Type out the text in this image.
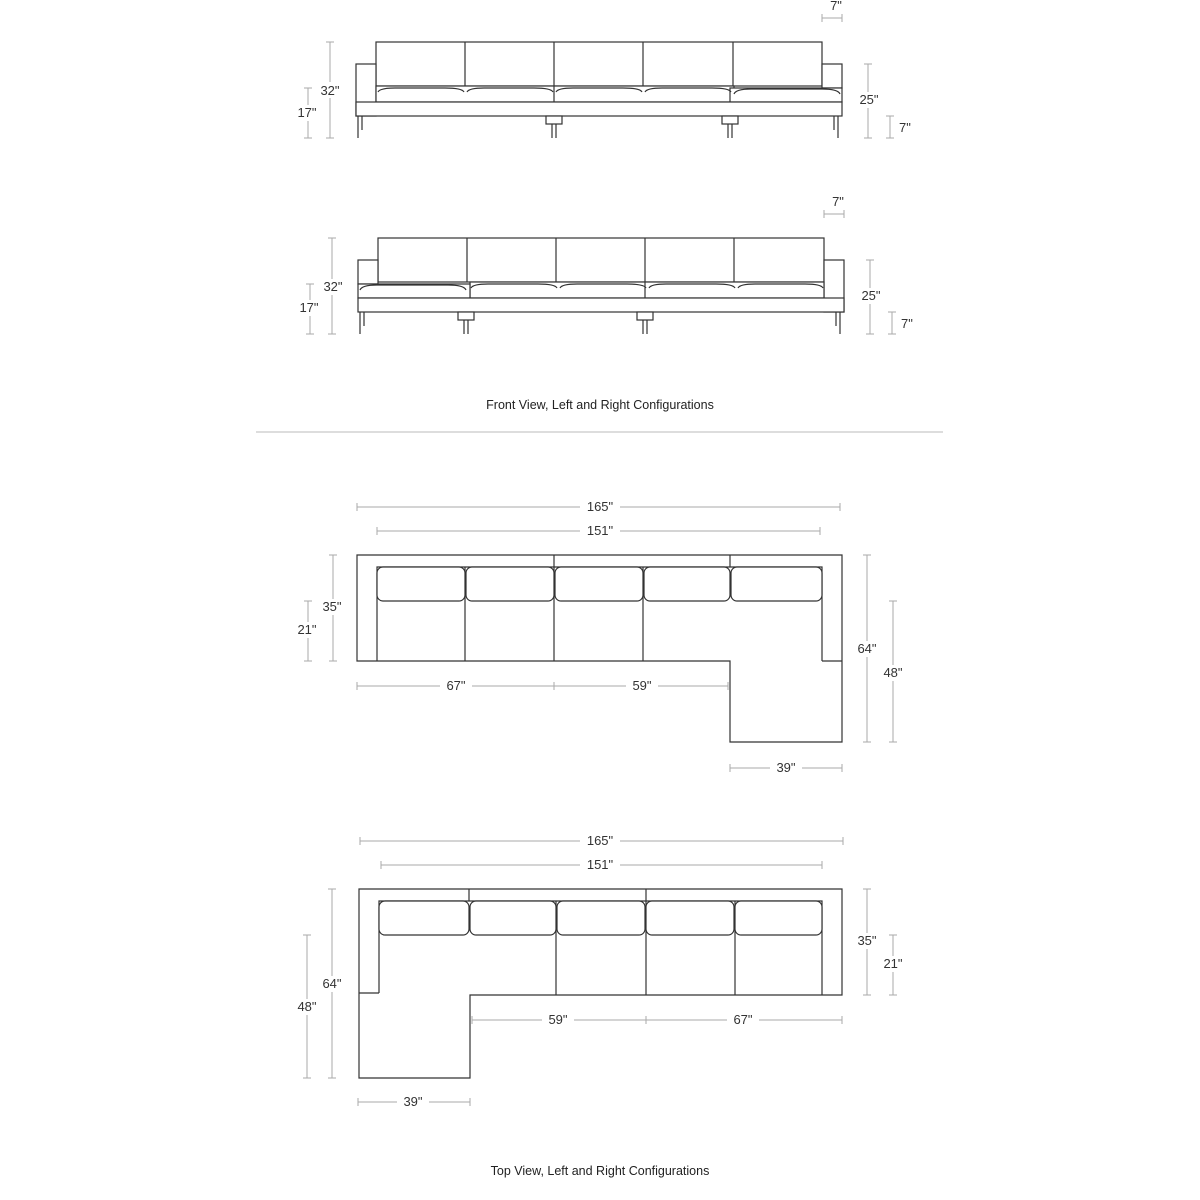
32"
17"
25"
7"
7"
32"
17"
25"
7"
7"
Front View, Left and Right Configurations
165"
151"
35"
21"
64"
48"
67"	59"
39"
165"
151"
35"
21"
64"
48"
59"	67"
39"
Top View, Left and Right Configurations
